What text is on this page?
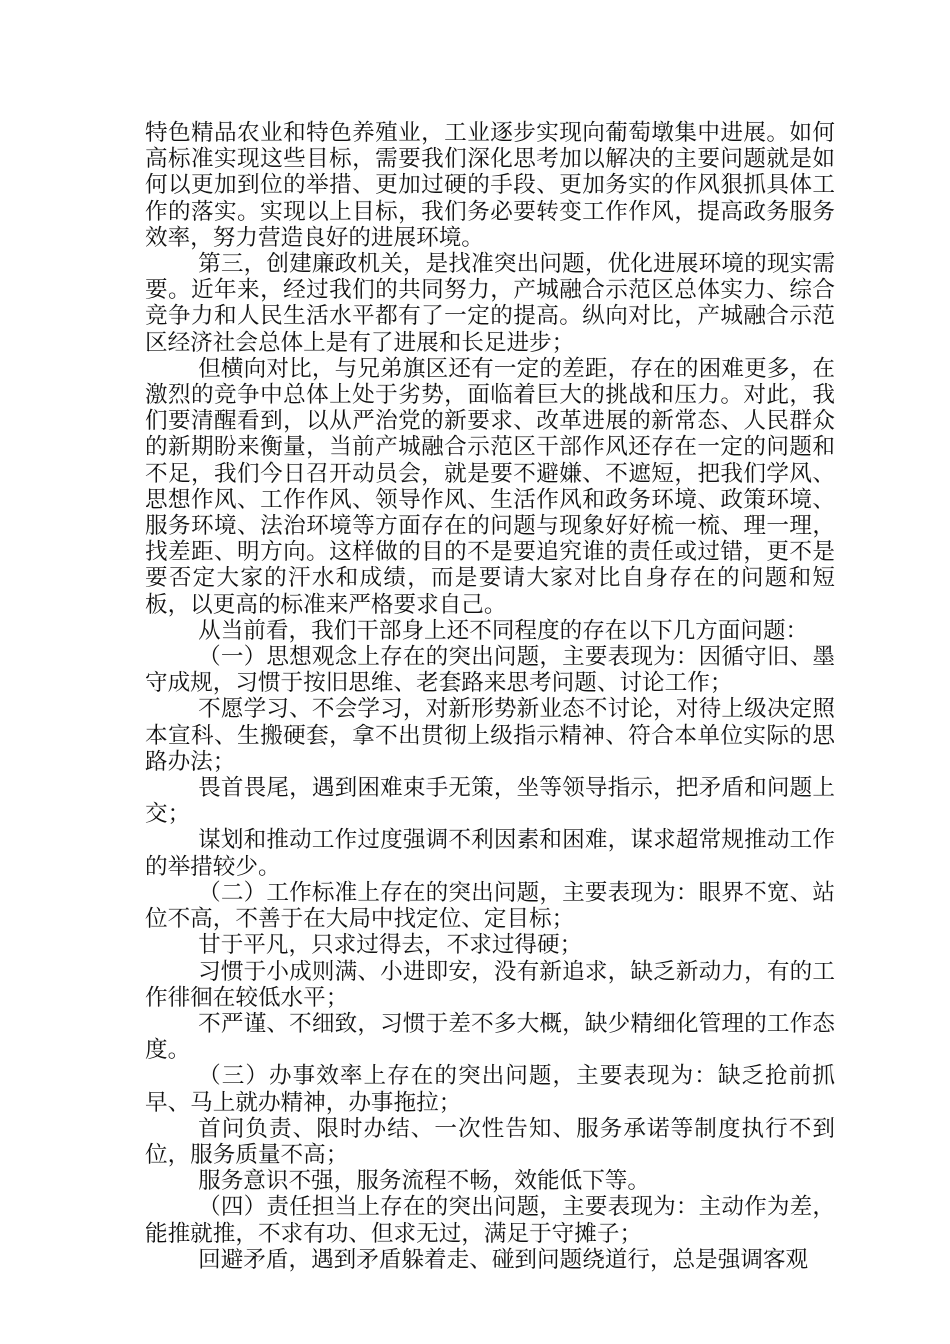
特色精品农业和特色养殖业，工业逐步实现向葡萄墩集中进展。如何高标准实现这些目标，需要我们深化思考加以解决的主要问题就是如何以更加到位的举措、更加过硬的手段、更加务实的作风狠抓具体工作的落实。实现以上目标，我们务必要转变工作作风，提高政务服务效率，努力营造良好的进展环境。

第三，创建廉政机关，是找准突出问题，优化进展环境的现实需要。近年来，经过我们的共同努力，产城融合示范区总体实力、综合竞争力和人民生活水平都有了一定的提高。纵向对比，产城融合示范区经济社会总体上是有了进展和长足进步；

但横向对比，与兄弟旗区还有一定的差距，存在的困难更多，在激烈的竞争中总体上处于劣势，面临着巨大的挑战和压力。对此，我们要清醒看到，以从严治党的新要求、改革进展的新常态、人民群众的新期盼来衡量，当前产城融合示范区干部作风还存在一定的问题和不足，我们今日召开动员会，就是要不避嫌、不遮短，把我们学风、思想作风、工作作风、领导作风、生活作风和政务环境、政策环境、服务环境、法治环境等方面存在的问题与现象好好梳一梳、理一理，找差距、明方向。这样做的目的不是要追究谁的责任或过错，更不是要否定大家的汗水和成绩，而是要请大家对比自身存在的问题和短板，以更高的标准来严格要求自己。

从当前看，我们干部身上还不同程度的存在以下几方面问题：

（一）思想观念上存在的突出问题，主要表现为：因循守旧、墨守成规，习惯于按旧思维、老套路来思考问题、讨论工作；

不愿学习、不会学习，对新形势新业态不讨论，对待上级决定照本宣科、生搬硬套，拿不出贯彻上级指示精神、符合本单位实际的思路办法；

畏首畏尾，遇到困难束手无策，坐等领导指示，把矛盾和问题上交；

谋划和推动工作过度强调不利因素和困难，谋求超常规推动工作的举措较少。

（二）工作标准上存在的突出问题，主要表现为：眼界不宽、站位不高，不善于在大局中找定位、定目标；

甘于平凡，只求过得去，不求过得硬；

习惯于小成则满、小进即安，没有新追求，缺乏新动力，有的工作徘徊在较低水平；

不严谨、不细致，习惯于差不多大概，缺少精细化管理的工作态度。

（三）办事效率上存在的突出问题，主要表现为：缺乏抢前抓早、马上就办精神，办事拖拉；

首问负责、限时办结、一次性告知、服务承诺等制度执行不到位，服务质量不高；

服务意识不强，服务流程不畅，效能低下等。

（四）责任担当上存在的突出问题，主要表现为：主动作为差，能推就推，不求有功、但求无过，满足于守摊子；

回避矛盾，遇到矛盾躲着走、碰到问题绕道行，总是强调客观
